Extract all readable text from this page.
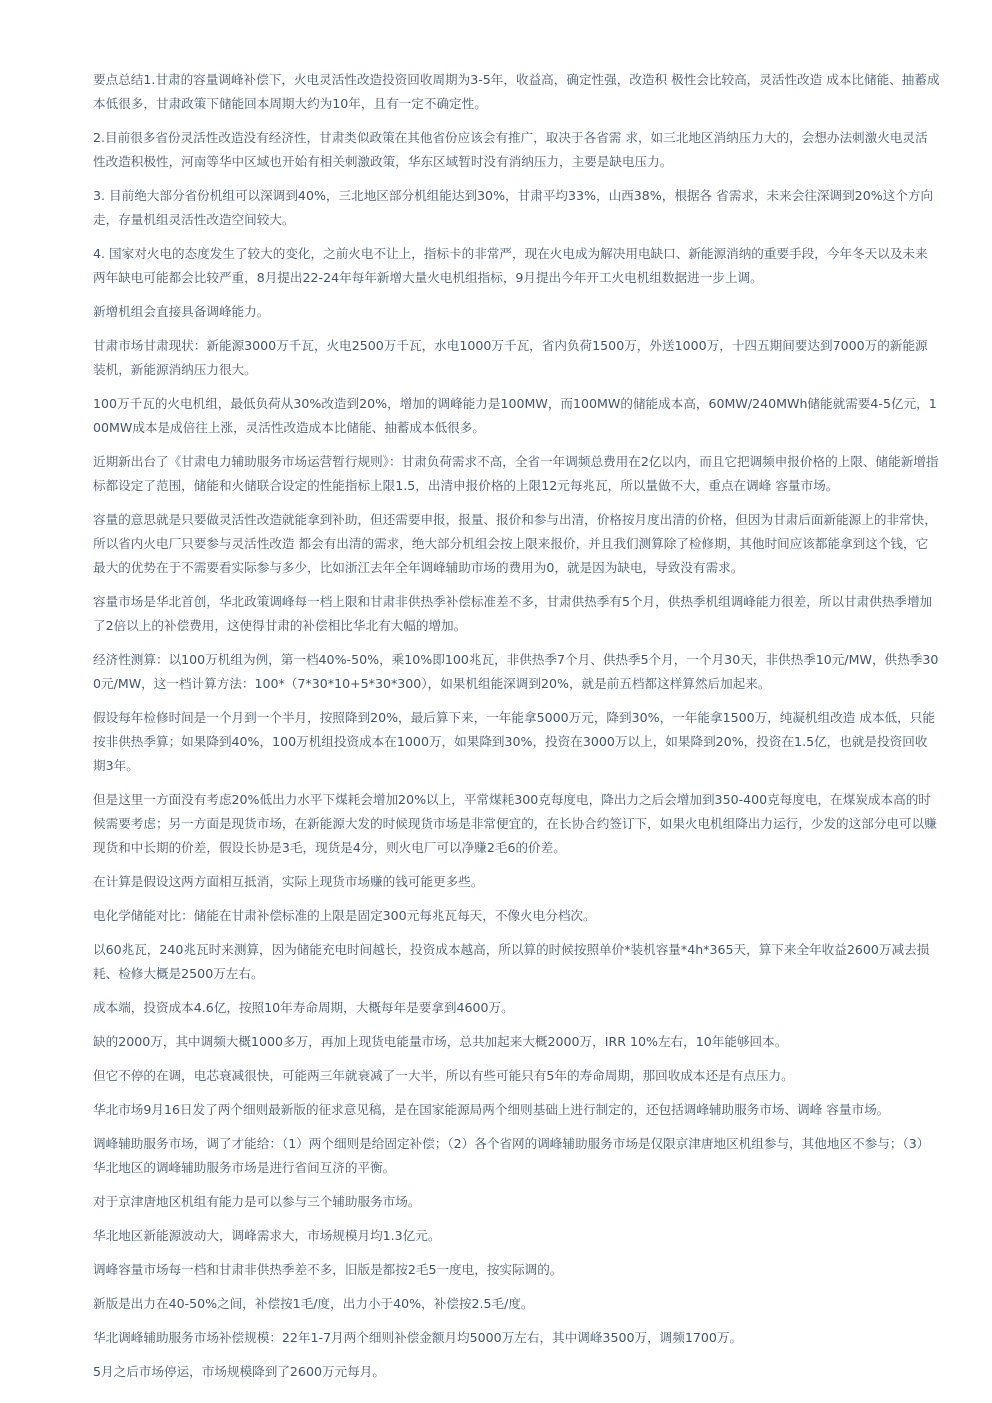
要点总结1.甘肃的容量调峰补偿下，火电灵活性改造投资回收周期为3-5年，收益高，确定性强，改造积 极性会比较高，灵活性改造 成本比储能、抽蓄成本低很多，甘肃政策下储能回本周期大约为10年，且有一定不确定性。

2.目前很多省份灵活性改造没有经济性，甘肃类似政策在其他省份应该会有推广，取决于各省需 求，如三北地区消纳压力大的，会想办法刺激火电灵活性改造积极性，河南等华中区域也开始有相关刺激政策，华东区域暂时没有消纳压力，主要是缺电压力。

3. 目前绝大部分省份机组可以深调到40%，三北地区部分机组能达到30%，甘肃平均33%，山西38%，根据各 省需求，未来会往深调到20%这个方向走，存量机组灵活性改造空间较大。

4. 国家对火电的态度发生了较大的变化，之前火电不让上，指标卡的非常严，现在火电成为解决用电缺口、新能源消纳的重要手段，今年冬天以及未来两年缺电可能都会比较严重，8月提出22-24年每年新增大量火电机组指标，9月提出今年开工火电机组数据进一步上调。

新增机组会直接具备调峰能力。

甘肃市场甘肃现状：新能源3000万千瓦，火电2500万千瓦，水电1000万千瓦，省内负荷1500万，外送1000万，十四五期间要达到7000万的新能源装机，新能源消纳压力很大。

100万千瓦的火电机组，最低负荷从30%改造到20%，增加的调峰能力是100MW，而100MW的储能成本高，60MW/240MWh储能就需要4-5亿元，100MW成本是成倍往上涨，灵活性改造成本比储能、抽蓄成本低很多。

近期新出台了《甘肃电力辅助服务市场运营暂行规则》：甘肃负荷需求不高，全省一年调频总费用在2亿以内，而且它把调频申报价格的上限、储能新增指标都设定了范围，储能和火储联合设定的性能指标上限1.5，出清申报价格的上限12元每兆瓦，所以量做不大，重点在调峰 容量市场。

容量的意思就是只要做灵活性改造就能拿到补助，但还需要申报，报量、报价和参与出清，价格按月度出清的价格，但因为甘肃后面新能源上的非常快，所以省内火电厂只要参与灵活性改造 都会有出清的需求，绝大部分机组会按上限来报价，并且我们测算除了检修期，其他时间应该都能拿到这个钱，它最大的优势在于不需要看实际参与多少，比如浙江去年全年调峰辅助市场的费用为0，就是因为缺电，导致没有需求。

容量市场是华北首创，华北政策调峰每一档上限和甘肃非供热季补偿标准差不多，甘肃供热季有5个月，供热季机组调峰能力很差，所以甘肃供热季增加了2倍以上的补偿费用，这使得甘肃的补偿相比华北有大幅的增加。

经济性测算：以100万机组为例，第一档40%-50%，乘10%即100兆瓦，非供热季7个月、供热季5个月，一个月30天，非供热季10元/MW，供热季300元/MW，这一档计算方法：100*（7*30*10+5*30*300），如果机组能深调到20%，就是前五档都这样算然后加起来。

假设每年检修时间是一个月到一个半月，按照降到20%，最后算下来，一年能拿5000万元，降到30%，一年能拿1500万，纯凝机组改造 成本低，只能按非供热季算；如果降到40%，100万机组投资成本在1000万，如果降到30%，投资在3000万以上，如果降到20%，投资在1.5亿，也就是投资回收期3年。

但是这里一方面没有考虑20%低出力水平下煤耗会增加20%以上，平常煤耗300克每度电，降出力之后会增加到350-400克每度电，在煤炭成本高的时候需要考虑；另一方面是现货市场，在新能源大发的时候现货市场是非常便宜的，在长协合约签订下，如果火电机组降出力运行，少发的这部分电可以赚现货和中长期的价差，假设长协是3毛，现货是4分，则火电厂可以净赚2毛6的价差。

在计算是假设这两方面相互抵消，实际上现货市场赚的钱可能更多些。

电化学储能对比：储能在甘肃补偿标准的上限是固定300元每兆瓦每天，不像火电分档次。

以60兆瓦，240兆瓦时来测算，因为储能充电时间越长，投资成本越高，所以算的时候按照单价*装机容量*4h*365天，算下来全年收益2600万减去损耗、检修大概是2500万左右。

成本端，投资成本4.6亿，按照10年寿命周期，大概每年是要拿到4600万。

缺的2000万，其中调频大概1000多万，再加上现货电能量市场，总共加起来大概2000万，IRR 10%左右，10年能够回本。

但它不停的在调，电芯衰减很快，可能两三年就衰减了一大半，所以有些可能只有5年的寿命周期，那回收成本还是有点压力。

华北市场9月16日发了两个细则最新版的征求意见稿，是在国家能源局两个细则基础上进行制定的，还包括调峰辅助服务市场、调峰 容量市场。

调峰辅助服务市场，调了才能给：（1）两个细则是给固定补偿；（2）各个省网的调峰辅助服务市场是仅限京津唐地区机组参与，其他地区不参与；（3）华北地区的调峰辅助服务市场是进行省间互济的平衡。

对于京津唐地区机组有能力是可以参与三个辅助服务市场。

华北地区新能源波动大，调峰需求大，市场规模月均1.3亿元。

调峰容量市场每一档和甘肃非供热季差不多，旧版是都按2毛5一度电，按实际调的。

新版是出力在40-50%之间，补偿按1毛/度，出力小于40%，补偿按2.5毛/度。

华北调峰辅助服务市场补偿规模：22年1-7月两个细则补偿金额月均5000万左右，其中调峰3500万，调频1700万。

5月之后市场停运，市场规模降到了2600万元每月。
